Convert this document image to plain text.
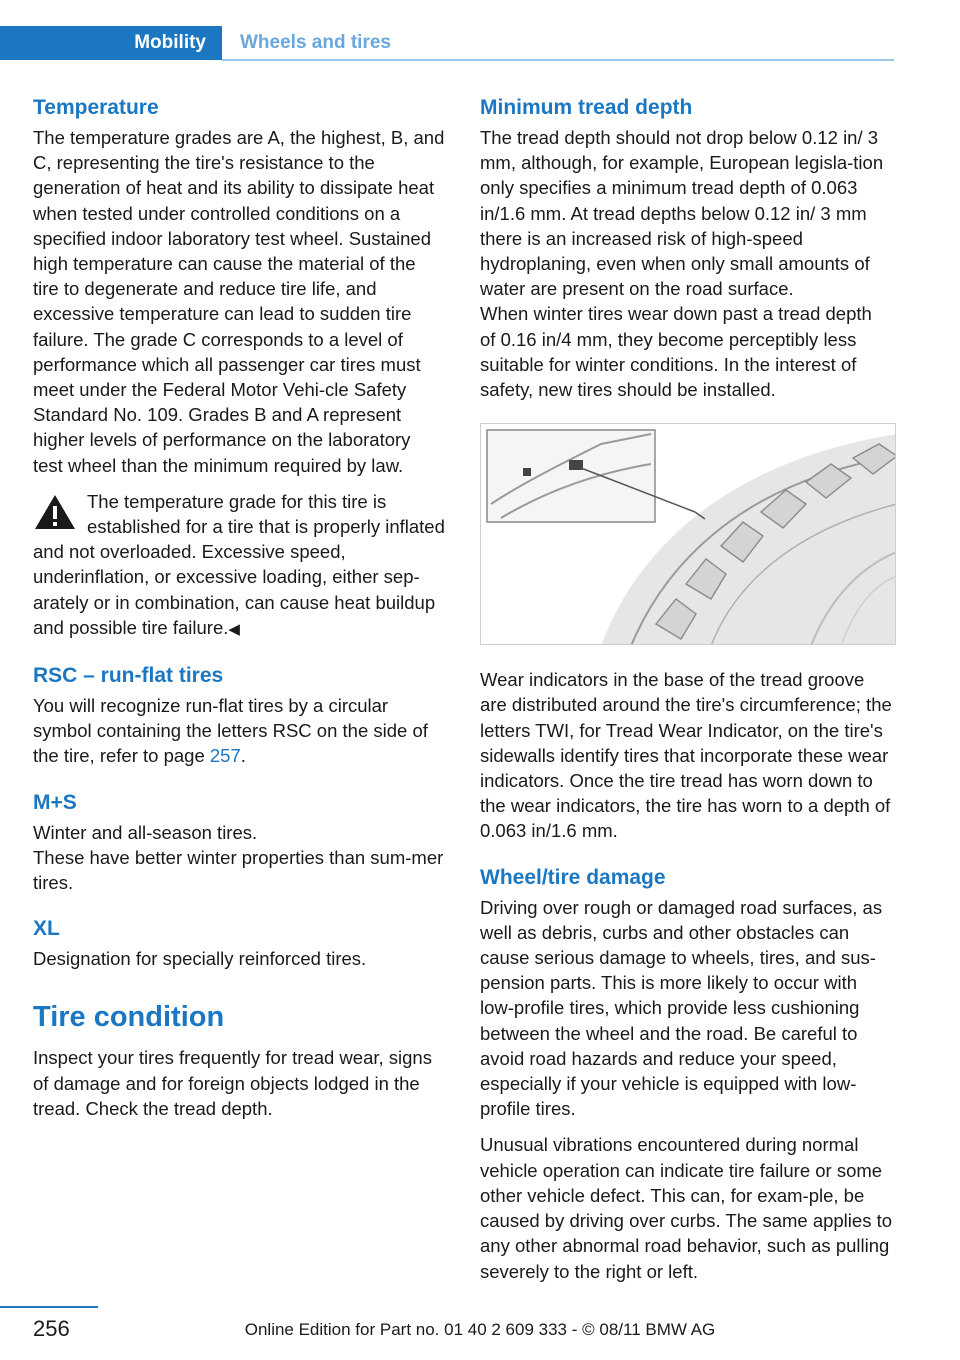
Mobility Wheels and tires
Temperature

The temperature grades are A, the highest, B, and C, representing the tire's resistance to the generation of heat and its ability to dissipate heat when tested under controlled conditions on a specified indoor laboratory test wheel. Sustained high temperature can cause the material of the tire to degenerate and reduce tire life, and excessive temperature can lead to sudden tire failure. The grade C corresponds to a level of performance which all passenger car tires must meet under the Federal Motor Vehi-cle Safety Standard No. 109. Grades B and A represent higher levels of performance on the laboratory test wheel than the minimum required by law.

The temperature grade for this tire is established for a tire that is properly inflated and not overloaded. Excessive speed, underinflation, or excessive loading, either sep-arately or in combination, can cause heat buildup and possible tire failure.◀

RSC – run-flat tires

You will recognize run-flat tires by a circular symbol containing the letters RSC on the side of the tire, refer to page 257.

M+S

Winter and all-season tires.

These have better winter properties than sum-mer tires.

XL

Designation for specially reinforced tires.

Tire condition

Inspect your tires frequently for tread wear, signs of damage and for foreign objects lodged in the tread. Check the tread depth.

Minimum tread depth

The tread depth should not drop below 0.12 in/ 3 mm, although, for example, European legisla-tion only specifies a minimum tread depth of 0.063 in/1.6 mm. At tread depths below 0.12 in/ 3 mm there is an increased risk of high-speed hydroplaning, even when only small amounts of water are present on the road surface.

When winter tires wear down past a tread depth of 0.16 in/4 mm, they become perceptibly less suitable for winter conditions. In the interest of safety, new tires should be installed.

Wear indicators in the base of the tread groove are distributed around the tire's circumference; the letters TWI, for Tread Wear Indicator, on the tire's sidewalls identify tires that incorporate these wear indicators. Once the tire tread has worn down to the wear indicators, the tire has worn to a depth of 0.063 in/1.6 mm.

Wheel/tire damage

Driving over rough or damaged road surfaces, as well as debris, curbs and other obstacles can cause serious damage to wheels, tires, and sus-pension parts. This is more likely to occur with low-profile tires, which provide less cushioning between the wheel and the road. Be careful to avoid road hazards and reduce your speed, especially if your vehicle is equipped with low-profile tires.

Unusual vibrations encountered during normal vehicle operation can indicate tire failure or some other vehicle defect. This can, for exam-ple, be caused by driving over curbs. The same applies to any other abnormal road behavior, such as pulling severely to the right or left.

256	Online Edition for Part no. 01 40 2 609 333 - © 08/11 BMW AG
